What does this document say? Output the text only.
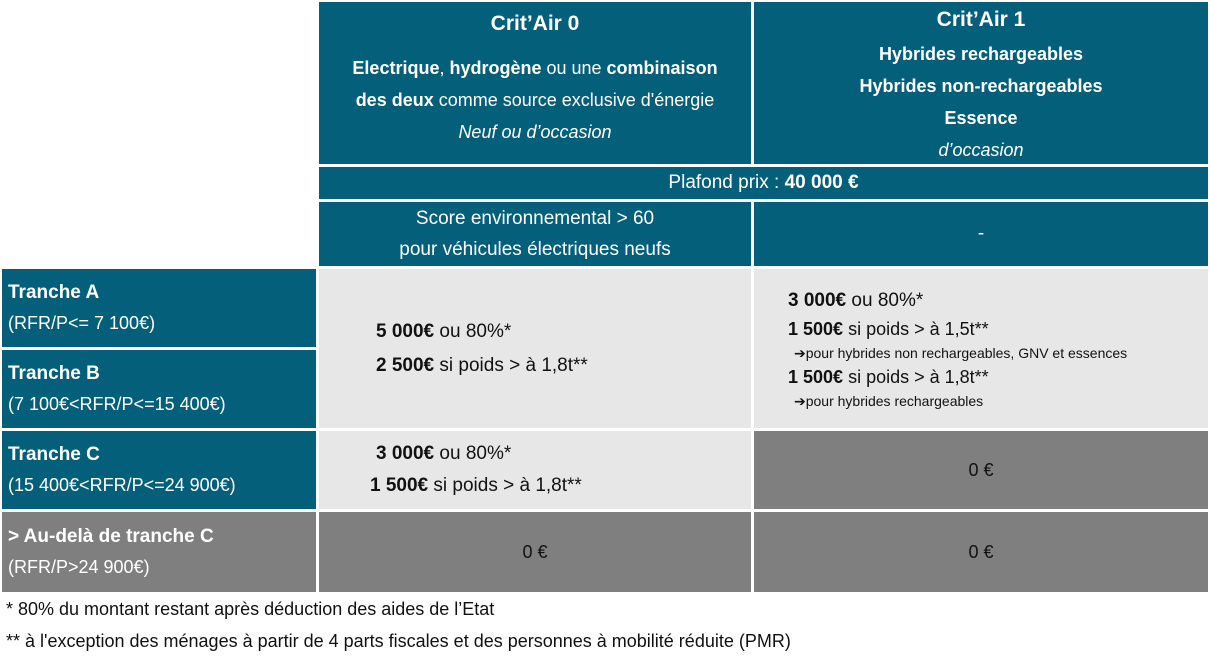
Crit’Air 0
Electrique, hydrogène ou une combinaison
des deux comme source exclusive d'énergie
Neuf ou d’occasion
Crit’Air 1
Hybrides rechargeables
Hybrides non-rechargeables
Essence
d’occasion
Plafond prix : 40 000 €
Score environnemental > 60
pour véhicules électriques neufs
-
Tranche A
(RFR/P<= 7 100€)
Tranche B
(7 100€<RFR/P<=15 400€)
Tranche C
(15 400€<RFR/P<=24 900€)
> Au-delà de tranche C
(RFR/P>24 900€)
5 000€ ou 80%*
2 500€ si poids > à 1,8t**
3 000€ ou 80%*
1 500€ si poids > à 1,5t**
➔pour hybrides non rechargeables, GNV et essences
1 500€ si poids > à 1,8t**
➔pour hybrides rechargeables
3 000€ ou 80%*
1 500€ si poids > à 1,8t**
0 €
0 €	0 €
* 80% du montant restant après déduction des aides de l’Etat
** à l'exception des ménages à partir de 4 parts fiscales et des personnes à mobilité réduite (PMR)
